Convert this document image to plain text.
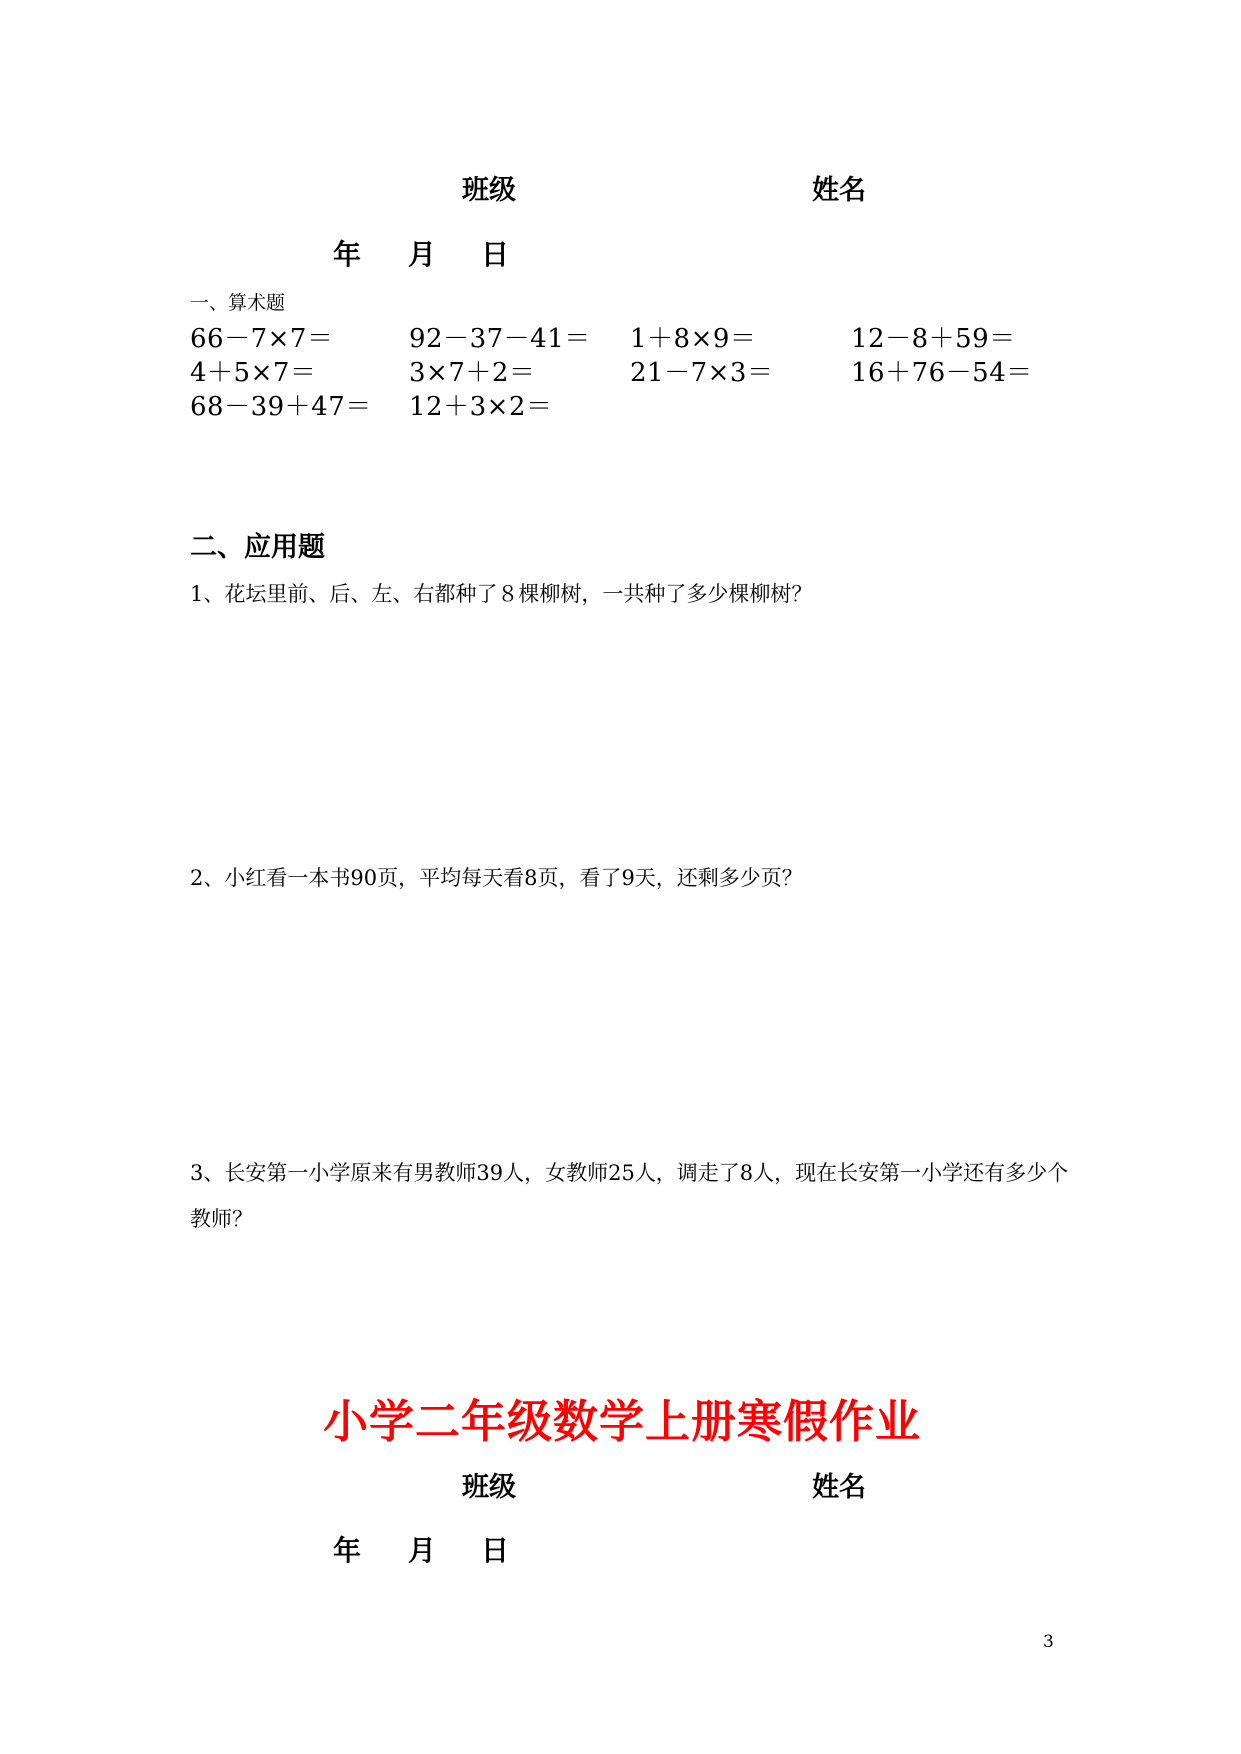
班级	姓名
年 月 日
一、算术题
66－7×7＝	92－37－41＝ 1＋8×9＝	12－8＋59＝
4＋5×7＝	3×7＋2＝	21－7×3＝	16＋76－54＝
68－39＋47＝ 12＋3×2＝
二、应用题
1、花坛里前、后、左、右都种了８棵柳树，一共种了多少棵柳树？
2、小红看一本书90页，平均每天看8页，看了9天，还剩多少页？
3、长安第一小学原来有男教师39人，女教师25人，调走了8人，现在长安第一小学还有多少个教师？
小学二年级数学上册寒假作业
班级	姓名
年 月 日
3
